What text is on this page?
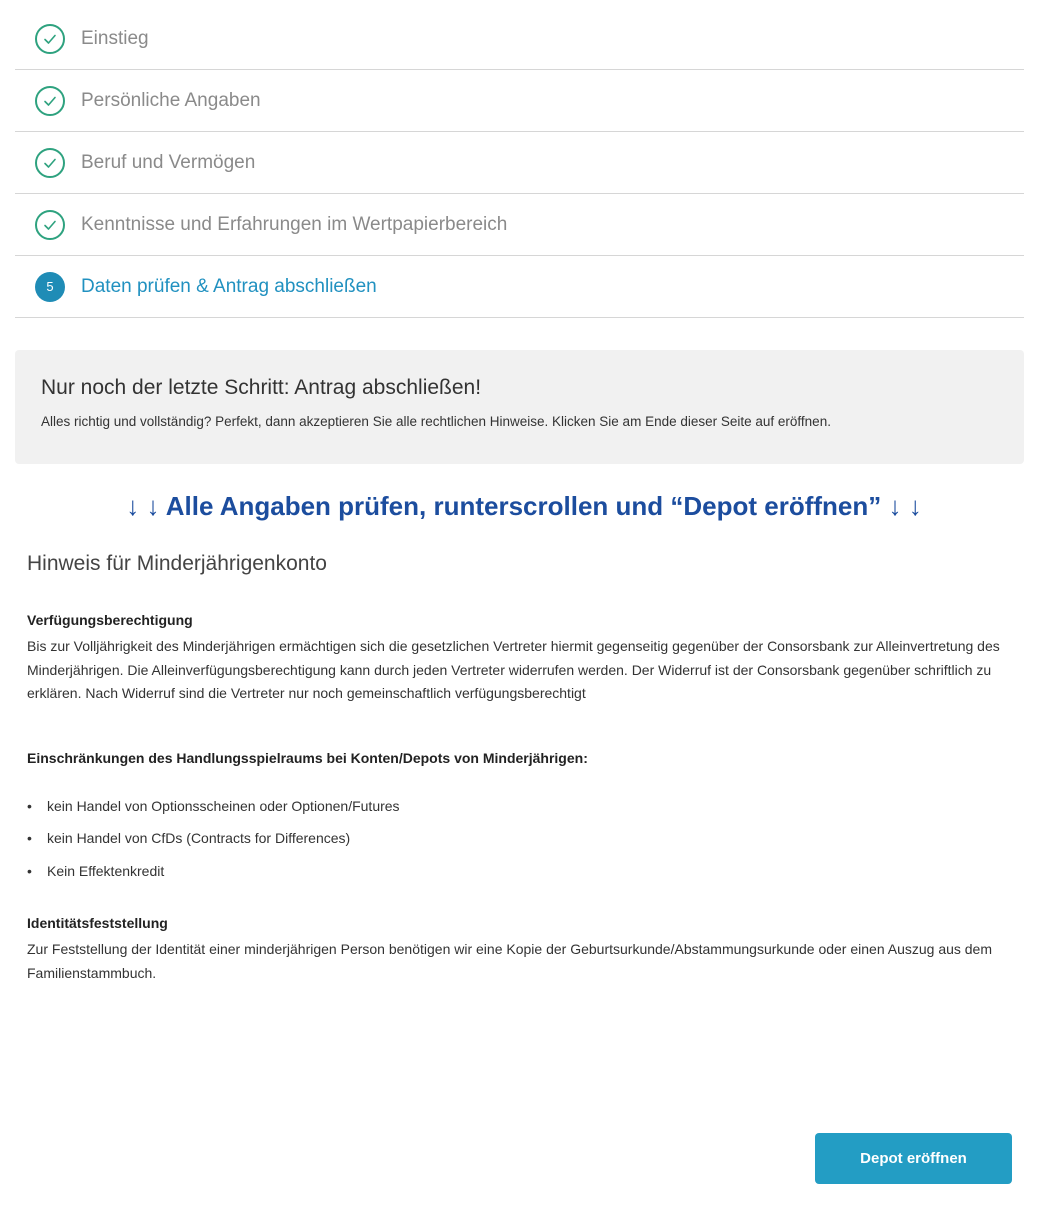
Einstieg
Persönliche Angaben
Beruf und Vermögen
Kenntnisse und Erfahrungen im Wertpapierbereich
5	Daten prüfen & Antrag abschließen
Nur noch der letzte Schritt: Antrag abschließen!
Alles richtig und vollständig? Perfekt, dann akzeptieren Sie alle rechtlichen Hinweise. Klicken Sie am Ende dieser Seite auf eröffnen.
↓ ↓ Alle Angaben prüfen, runterscrollen und “Depot eröffnen” ↓ ↓
Hinweis für Minderjährigenkonto
Verfügungsberechtigung
Bis zur Volljährigkeit des Minderjährigen ermächtigen sich die gesetzlichen Vertreter hiermit gegenseitig gegenüber der Consorsbank zur Alleinvertretung des Minderjährigen. Die Alleinverfügungsberechtigung kann durch jeden Vertreter widerrufen werden. Der Widerruf ist der Consorsbank gegenüber schriftlich zu erklären. Nach Widerruf sind die Vertreter nur noch gemeinschaftlich verfügungsberechtigt
Einschränkungen des Handlungsspielraums bei Konten/Depots von Minderjährigen:
•	kein Handel von Optionsscheinen oder Optionen/Futures
•	kein Handel von CfDs (Contracts for Differences)
•	Kein Effektenkredit
Identitätsfeststellung
Zur Feststellung der Identität einer minderjährigen Person benötigen wir eine Kopie der Geburtsurkunde/Abstammungsurkunde oder einen Auszug aus dem Familienstammbuch.
Depot eröffnen
